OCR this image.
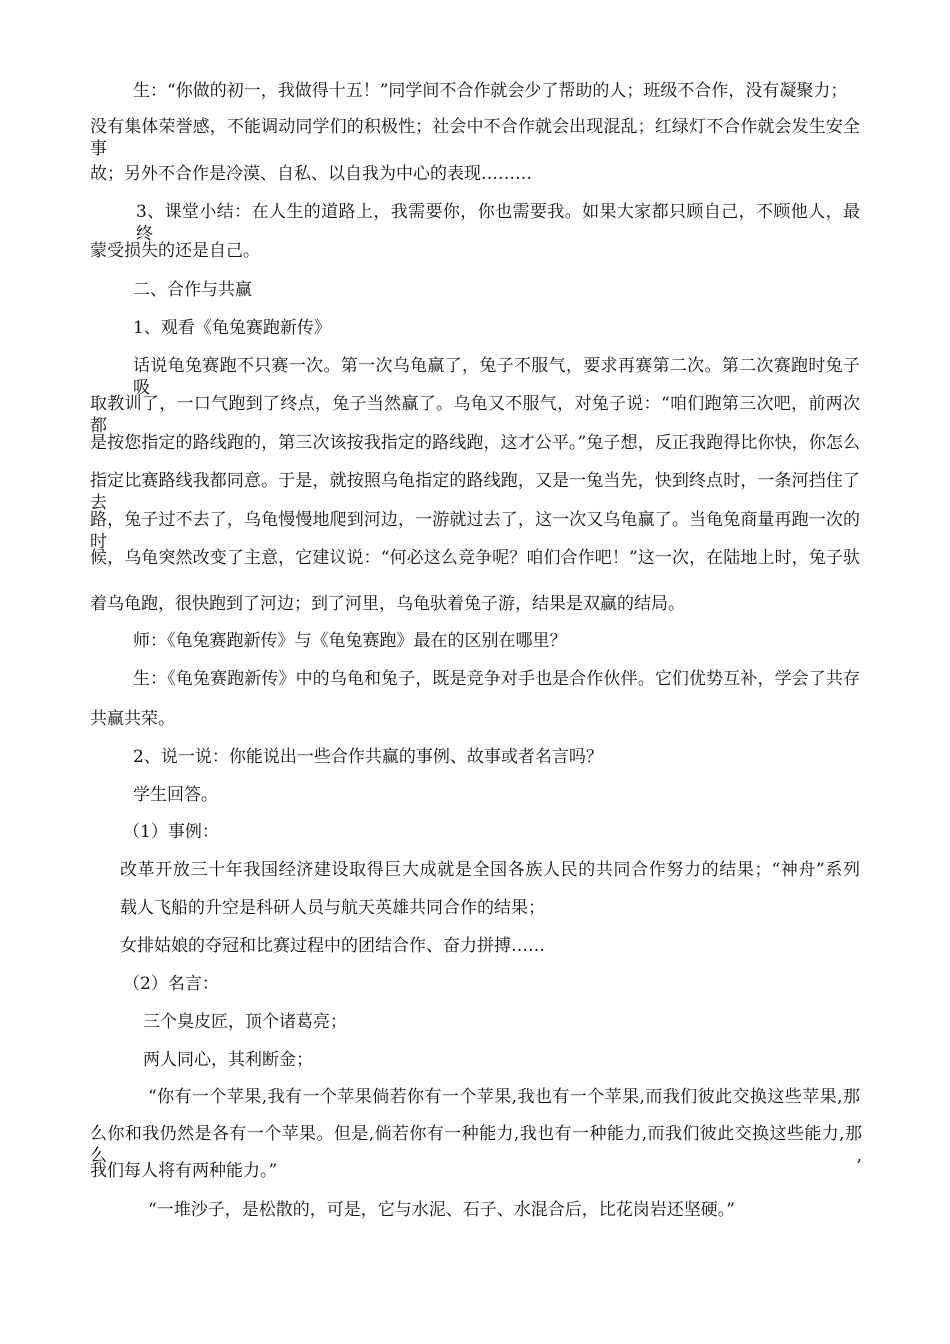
生：“你做的初一，我做得十五！”同学间不合作就会少了帮助的人；班级不合作，没有凝聚力；
没有集体荣誉感，不能调动同学们的积极性；社会中不合作就会出现混乱；红绿灯不合作就会发生安全事
故；另外不合作是冷漠、自私、以自我为中心的表现………
3、课堂小结：在人生的道路上，我需要你，你也需要我。如果大家都只顾自己，不顾他人，最终
蒙受损失的还是自己。
二、合作与共赢
1、观看《龟兔赛跑新传》
话说龟兔赛跑不只赛一次。第一次乌龟赢了，兔子不服气，要求再赛第二次。第二次赛跑时兔子吸
取教训了，一口气跑到了终点，兔子当然赢了。乌龟又不服气，对兔子说：“咱们跑第三次吧，前两次都
是按您指定的路线跑的，第三次该按我指定的路线跑，这才公平。”兔子想，反正我跑得比你快，你怎么
指定比赛路线我都同意。于是，就按照乌龟指定的路线跑，又是一兔当先，快到终点时，一条河挡住了去
路，兔子过不去了，乌龟慢慢地爬到河边，一游就过去了，这一次又乌龟赢了。当龟兔商量再跑一次的时
候，乌龟突然改变了主意，它建议说：“何必这么竞争呢？咱们合作吧！”这一次，在陆地上时，兔子驮
着乌龟跑，很快跑到了河边；到了河里，乌龟驮着兔子游，结果是双赢的结局。
师：《龟兔赛跑新传》与《龟兔赛跑》最在的区别在哪里？
生：《龟兔赛跑新传》中的乌龟和兔子，既是竞争对手也是合作伙伴。它们优势互补，学会了共存
共赢共荣。
2、说一说：你能说出一些合作共赢的事例、故事或者名言吗？
学生回答。
（1）事例：
改革开放三十年我国经济建设取得巨大成就是全国各族人民的共同合作努力的结果；“神舟”系列
载人飞船的升空是科研人员与航天英雄共同合作的结果；
女排姑娘的夺冠和比赛过程中的团结合作、奋力拼搏……
（2）名言：
三个臭皮匠，顶个诸葛亮；
两人同心，其利断金；
“你有一个苹果,我有一个苹果倘若你有一个苹果,我也有一个苹果,而我们彼此交换这些苹果,那
么你和我仍然是各有一个苹果。但是,倘若你有一种能力,我也有一种能力,而我们彼此交换这些能力,那么,
我们每人将有两种能力。”
“一堆沙子，是松散的，可是，它与水泥、石子、水混合后，比花岗岩还坚硬。”
